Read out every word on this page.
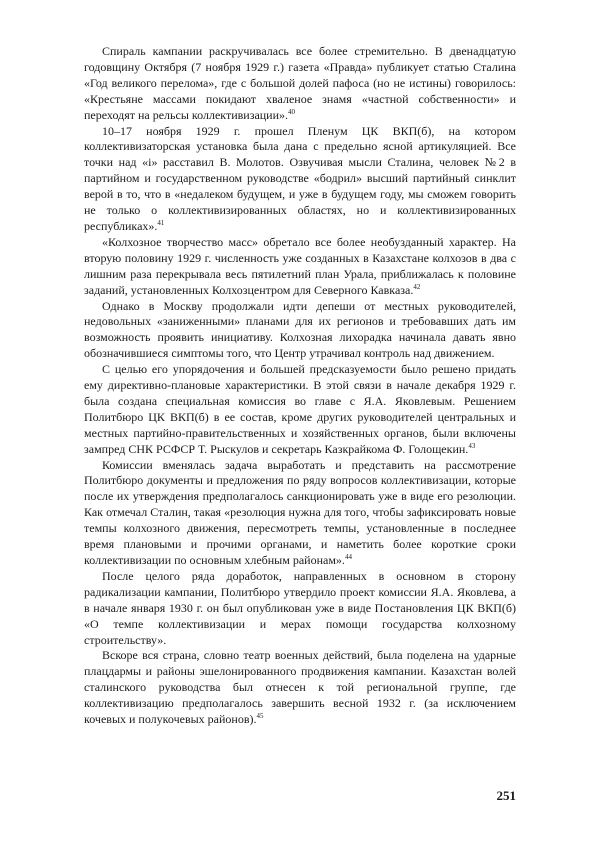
Спираль кампании раскручивалась все более стремительно. В двенадцатую годовщину Октября (7 ноября 1929 г.) газета «Правда» публикует статью Сталина «Год великого перелома», где с большой долей пафоса (но не истины) говорилось: «Крестьяне массами покидают хваленое знамя «частной собственности» и переходят на рельсы коллективизации».$^{40}$

10–17 ноября 1929 г. прошел Пленум ЦК ВКП(б), на котором коллективизаторская установка была дана с предельно ясной артикуляцией. Все точки над «i» расставил В. Молотов. Озвучивая мысли Сталина, человек №2 в партийном и государственном руководстве «бодрил» высший партийный синклит верой в то, что в «недалеком будущем, и уже в будущем году, мы сможем говорить не только о коллективизированных областях, но и коллективизированных республиках».$^{41}$

«Колхозное творчество масс» обретало все более необузданный характер. На вторую половину 1929 г. численность уже созданных в Казахстане колхозов в два с лишним раза перекрывала весь пятилетний план Урала, приближалась к половине заданий, установленных Колхозцентром для Северного Кавказа.$^{42}$

Однако в Москву продолжали идти депеши от местных руководителей, недовольных «заниженными» планами для их регионов и требовавших дать им возможность проявить инициативу. Колхозная лихорадка начинала давать явно обозначившиеся симптомы того, что Центр утрачивал контроль над движением.

С целью его упорядочения и большей предсказуемости было решено придать ему директивно-плановые характеристики. В этой связи в начале декабря 1929 г. была создана специальная комиссия во главе с Я.А. Яковлевым. Решением Политбюро ЦК ВКП(б) в ее состав, кроме других руководителей центральных и местных партийно-правительственных и хозяйственных органов, были включены зампред СНК РСФСР Т. Рыскулов и секретарь Казкрайкома Ф. Голощекин.$^{43}$

Комиссии вменялась задача выработать и представить на рассмотрение Политбюро документы и предложения по ряду вопросов коллективизации, которые после их утверждения предполагалось санкционировать уже в виде его резолюции. Как отмечал Сталин, такая «резолюция нужна для того, чтобы зафиксировать новые темпы колхозного движения, пересмотреть темпы, установленные в последнее время плановыми и прочими органами, и наметить более короткие сроки коллективизации по основным хлебным районам».$^{44}$

После целого ряда доработок, направленных в основном в сторону радикализации кампании, Политбюро утвердило проект комиссии Я.А. Яковлева, а в начале января 1930 г. он был опубликован уже в виде Постановления ЦК ВКП(б) «О темпе коллективизации и мерах помощи государства колхозному строительству».

Вскоре вся страна, словно театр военных действий, была поделена на ударные плацдармы и районы эшелонированного продвижения кампании. Казахстан волей сталинского руководства был отнесен к той региональной группе, где коллективизацию предполагалось завершить весной 1932 г. (за исключением кочевых и полукочевых районов).$^{45}$

251
